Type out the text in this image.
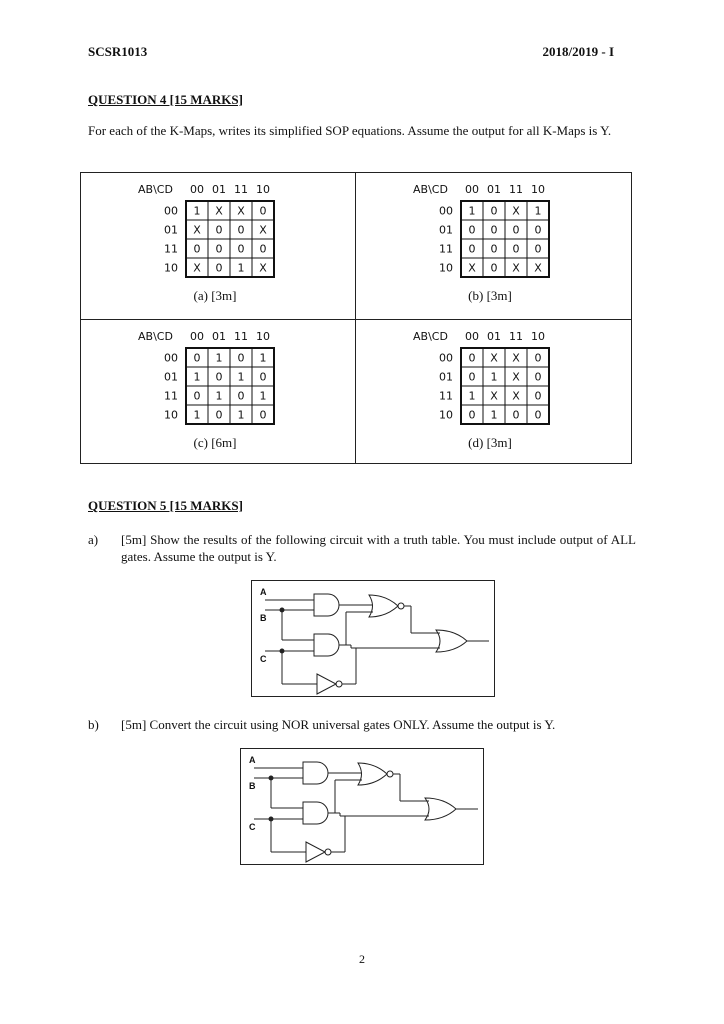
SCSR1013	2018/2019 - I
QUESTION 4 [15 MARKS]
For each of the K-Maps, writes its simplified SOP equations. Assume the output for all K-Maps is Y.
AB\CD 00 01 11 10
00
01
11
10
1 X X 0
X 0 0 X
0 0 0 0
X 0 1 X
(a) [3m]
AB\CD 00 01 11 10
00
01
11
10
1 0 X 1
0 0 0 0
0 0 0 0
X 0 X X
(b) [3m]
AB\CD 00 01 11 10
00
01
11
10
0 1 0 1
1 0 1 0
0 1 0 1
1 0 1 0
(c) [6m]
AB\CD 00 01 11 10
00
01
11
10
0 X X 0
0 1 X 0
1 X X 0
0 1 0 0
(d) [3m]
QUESTION 5 [15 MARKS]
a) [5m] Show the results of the following circuit with a truth table. You must include output of ALL gates. Assume the output is Y.
b) [5m] Convert the circuit using NOR universal gates ONLY. Assume the output is Y.
A
B
C
A
B
C
2
